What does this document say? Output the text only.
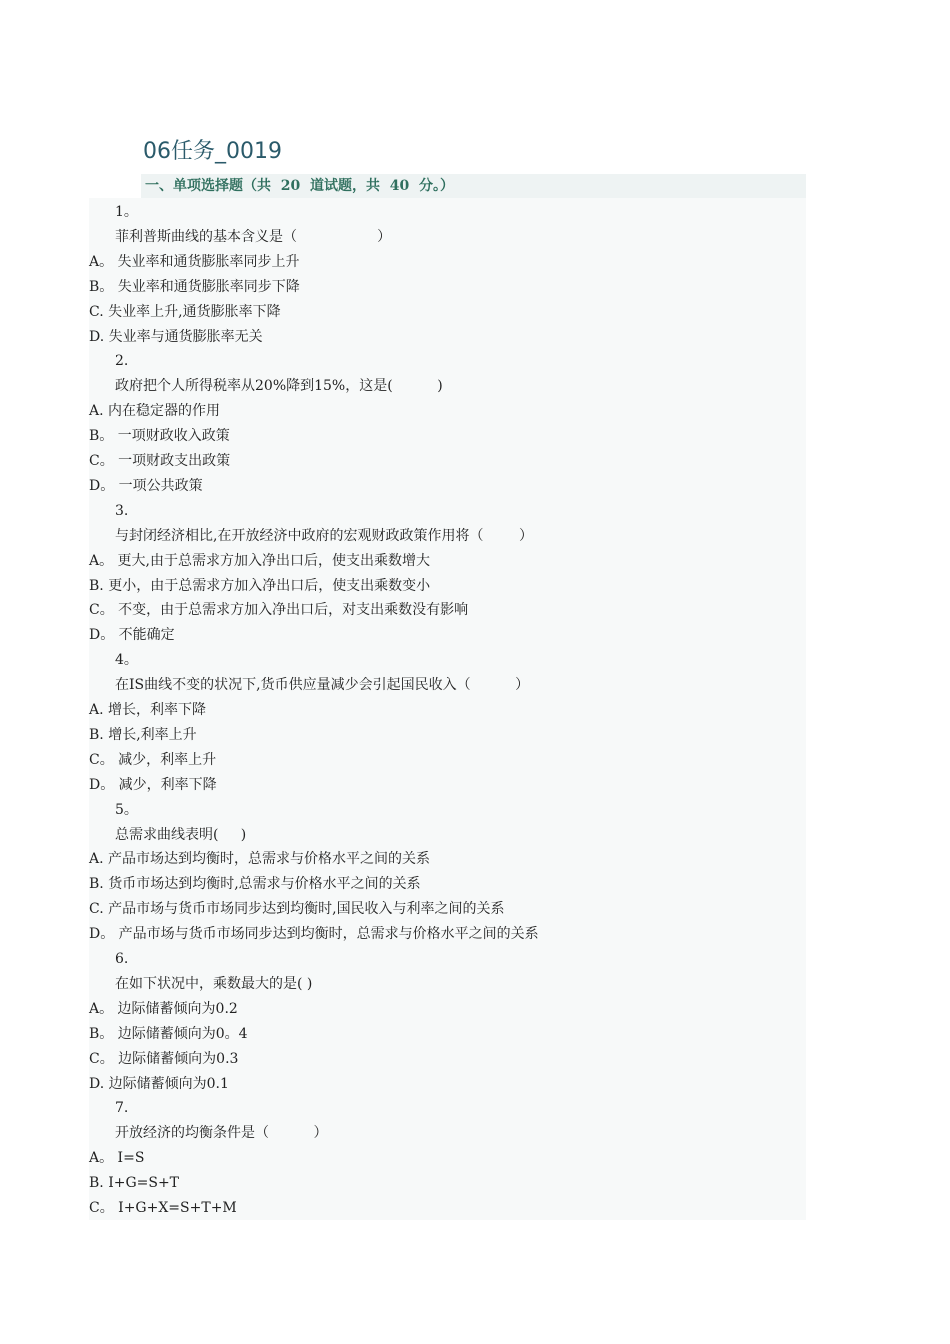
06任务_0019
一、单项选择题（共  20  道试题，共  40  分。）
1。
菲利普斯曲线的基本含义是（                  ）
A。 失业率和通货膨胀率同步上升
B。 失业率和通货膨胀率同步下降
C. 失业率上升,通货膨胀率下降
D. 失业率与通货膨胀率无关
2.
政府把个人所得税率从20%降到15%，这是(          )
A. 内在稳定器的作用
B。 一项财政收入政策
C。 一项财政支出政策
D。 一项公共政策
3.
与封闭经济相比,在开放经济中政府的宏观财政政策作用将（        ）
A。 更大,由于总需求方加入净出口后，使支出乘数增大
B. 更小，由于总需求方加入净出口后，使支出乘数变小
C。 不变，由于总需求方加入净出口后，对支出乘数没有影响
D。 不能确定
4。
在IS曲线不变的状况下,货币供应量减少会引起国民收入（          ）
A. 增长，利率下降
B. 增长,利率上升
C。 减少，利率上升
D。 减少，利率下降
5。
总需求曲线表明(     )
A. 产品市场达到均衡时，总需求与价格水平之间的关系
B. 货币市场达到均衡时,总需求与价格水平之间的关系
C. 产品市场与货币市场同步达到均衡时,国民收入与利率之间的关系
D。 产品市场与货币市场同步达到均衡时，总需求与价格水平之间的关系
6.
在如下状况中，乘数最大的是( )
A。 边际储蓄倾向为0.2
B。 边际储蓄倾向为0。4
C。 边际储蓄倾向为0.3
D. 边际储蓄倾向为0.1
7.
开放经济的均衡条件是（          ）
A。 I=S
B. I+G=S+T
C。 I+G+X=S+T+M
